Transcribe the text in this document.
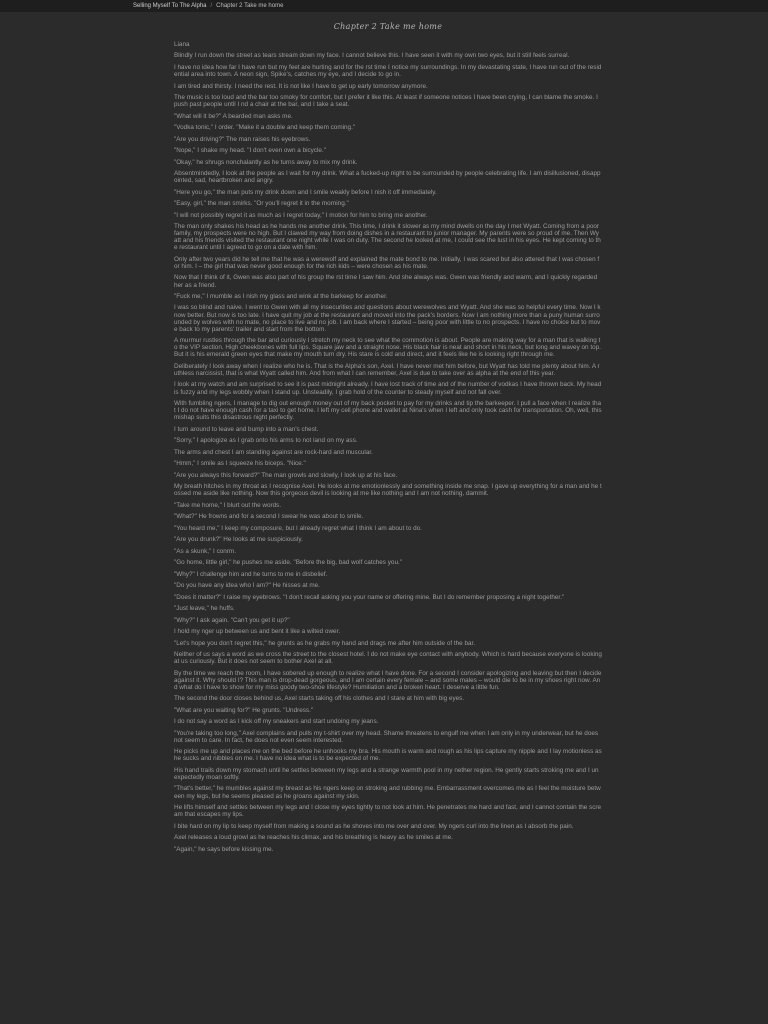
Selling Myself To The Alpha / Chapter 2 Take me home
Chapter 2 Take me home

Liana

Blindly I run down the street as tears stream down my face. I cannot believe this. I have seen it with my own two eyes, but it still feels surreal.

I have no idea how far I have run but my feet are hurting and for the rst time I notice my surroundings. In my devastating state, I have run out of the residential area into town. A neon sign, Spike's, catches my eye, and I decide to go in.

I am tired and thirsty. I need the rest. It is not like I have to get up early tomorrow anymore.

The music is too loud and the bar too smoky for comfort, but I prefer it like this. At least if someone notices I have been crying, I can blame the smoke. I push past people until I nd a chair at the bar, and I take a seat.

"What will it be?" A bearded man asks me.

"Vodka tonic," I order. "Make it a double and keep them coming."

"Are you driving?" The man raises his eyebrows.

"Nope," I shake my head. "I don't even own a bicycle."

"Okay," he shrugs nonchalantly as he turns away to mix my drink.

Absentmindedly, I look at the people as I wait for my drink. What a fucked-up night to be surrounded by people celebrating life. I am disillusioned, disappointed, sad, heartbroken and angry.

"Here you go," the man puts my drink down and I smile weakly before I nish it off immediately.

"Easy, girl," the man smirks. "Or you'll regret it in the morning."

"I will not possibly regret it as much as I regret today," I motion for him to bring me another.

The man only shakes his head as he hands me another drink. This time, I drink it slower as my mind dwells on the day I met Wyatt. Coming from a poor family, my prospects were no high. But I clawed my way from doing dishes in a restaurant to junior manager. My parents were so proud of me. Then Wyatt and his friends visited the restaurant one night while I was on duty. The second he looked at me, I could see the lust in his eyes. He kept coming to the restaurant until I agreed to go on a date with him.

Only after two years did he tell me that he was a werewolf and explained the mate bond to me. Initially, I was scared but also attered that I was chosen for him. I – the girl that was never good enough for the rich kids – were chosen as his mate.

Now that I think of it, Gwen was also part of his group the rst time I saw him. And she always was. Gwen was friendly and warm, and I quickly regarded her as a friend.

"Fuck me," I mumble as I nish my glass and wink at the barkeep for another.

I was so blind and naive. I went to Gwen with all my insecurities and questions about werewolves and Wyatt. And she was so helpful every time. Now I know better. But now is too late. I have quit my job at the restaurant and moved into the pack's borders. Now I am nothing more than a puny human surrounded by wolves with no mate, no place to live and no job. I am back where I started – being poor with little to no prospects. I have no choice but to move back to my parents' trailer and start from the bottom.

A murmur rustles through the bar and curiously I stretch my neck to see what the commotion is about. People are making way for a man that is walking to the VIP section. High cheekbones with full lips. Square jaw and a straight nose. His black hair is neat and short in his neck, but long and wavey on top. But it is his emerald green eyes that make my mouth turn dry. His stare is cold and direct, and it feels like he is looking right through me.

Deliberately I look away when I realize who he is. That is the Alpha's son, Axel. I have never met him before, but Wyatt has told me plenty about him. A ruthless narcissist, that is what Wyatt called him. And from what I can remember, Axel is due to take over as alpha at the end of this year.

I look at my watch and am surprised to see it is past midnight already. I have lost track of time and of the number of vodkas I have thrown back. My head is fuzzy and my legs wobbly when I stand up. Unsteadily, I grab hold of the counter to steady myself and not fall over.

With fumbling ngers, I manage to dig out enough money out of my back pocket to pay for my drinks and tip the barkeeper. I pull a face when I realize that I do not have enough cash for a taxi to get home. I left my cell phone and wallet at Nina's when I left and only took cash for transportation. Oh, well, this mishap suits this disastrous night perfectly.

I turn around to leave and bump into a man's chest.

"Sorry," I apologize as I grab onto his arms to not land on my ass.

The arms and chest I am standing against are rock-hard and muscular.

"Hmm," I smile as I squeeze his biceps. "Nice."

"Are you always this forward?" The man growls and slowly, I look up at his face.

My breath hitches in my throat as I recognise Axel. He looks at me emotionlessly and something inside me snap. I gave up everything for a man and he tossed me aside like nothing. Now this gorgeous devil is looking at me like nothing and I am not nothing, dammit.

"Take me home," I blurt out the words.

"What?" He frowns and for a second I swear he was about to smile.

"You heard me," I keep my composure, but I already regret what I think I am about to do.

"Are you drunk?" He looks at me suspiciously.

"As a skunk," I conrm.

"Go home, little girl," he pushes me aside. "Before the big, bad wolf catches you."

"Why?" I challenge him and he turns to me in disbelief.

"Do you have any idea who I am?" He hisses at me.

"Does it matter?" I raise my eyebrows. "I don't recall asking you your name or offering mine. But I do remember proposing a night together."

"Just leave," he huffs.

"Why?" I ask again. "Can't you get it up?"

I hold my nger up between us and bent it like a wilted ower.

"Let's hope you don't regret this," he grunts as he grabs my hand and drags me after him outside of the bar.

Neither of us says a word as we cross the street to the closest hotel. I do not make eye contact with anybody. Which is hard because everyone is looking at us curiously. But it does not seem to bother Axel at all.

By the time we reach the room, I have sobered up enough to realize what I have done. For a second I consider apologizing and leaving but then I decide against it. Why should I? This man is drop-dead gorgeous, and I am certain every female – and some males – would die to be in my shoes right now. And what do I have to show for my miss goody two-shoe lifestyle? Humiliation and a broken heart. I deserve a little fun.

The second the door closes behind us, Axel starts taking off his clothes and I stare at him with big eyes.

"What are you waiting for?" He grunts. "Undress."

I do not say a word as I kick off my sneakers and start undoing my jeans.

"You're taking too long," Axel complains and pulls my t-shirt over my head. Shame threatens to engulf me when I am only in my underwear, but he does not seem to care. In fact, he does not even seem interested.

He picks me up and places me on the bed before he unhooks my bra. His mouth is warm and rough as his lips capture my nipple and I lay motionless as he sucks and nibbles on me. I have no idea what is to be expected of me.

His hand trails down my stomach until he settles between my legs and a strange warmth pool in my nether region. He gently starts stroking me and I unexpectedly moan softly.

"That's better," he mumbles against my breast as his ngers keep on stroking and rubbing me. Embarrassment overcomes me as I feel the moisture between my legs, but he seems pleased as he groans against my skin.

He lifts himself and settles between my legs and I close my eyes tightly to not look at him. He penetrates me hard and fast, and I cannot contain the scream that escapes my lips.

I bite hard on my lip to keep myself from making a sound as he shoves into me over and over. My ngers curl into the linen as I absorb the pain.

Axel releases a loud growl as he reaches his climax, and his breathing is heavy as he smiles at me.

"Again," he says before kissing me.
